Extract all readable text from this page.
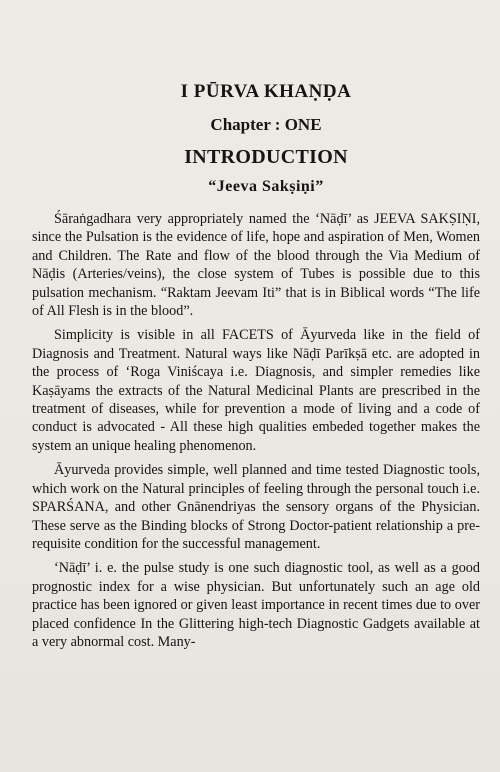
I PŪRVA KHAṆḌA
Chapter : ONE
INTRODUCTION
“Jeeva Sakṣiṇi”

Śāraṅgadhara very appropriately named the ‘Nāḍī’ as JEEVA SAKṢIṆI, since the Pulsation is the evidence of life, hope and aspiration of Men, Women and Children. The Rate and flow of the blood through the Via Medium of Nāḍis (Arteries/veins), the close system of Tubes is possible due to this pulsation mechanism. “Raktam Jeevam Iti” that is in Biblical words “The life of All Flesh is in the blood”.

Simplicity is visible in all FACETS of Āyurveda like in the field of Diagnosis and Treatment. Natural ways like Nāḍī Parīkṣā etc. are adopted in the process of ‘Roga Viniścaya i.e. Diagnosis, and simpler remedies like Kaṣāyams the extracts of the Natural Medicinal Plants are prescribed in the treatment of diseases, while for prevention a mode of living and a code of conduct is advocated - All these high qualities embeded together makes the system an unique healing phenomenon.

Āyurveda provides simple, well planned and time tested Diagnostic tools, which work on the Natural principles of feeling through the personal touch i.e. SPARŚANA, and other Gnānendriyas the sensory organs of the Physician. These serve as the Binding blocks of Strong Doctor-patient relationship a pre-requisite condition for the successful management.

‘Nāḍī’ i. e. the pulse study is one such diagnostic tool, as well as a good prognostic index for a wise physician. But unfortunately such an age old practice has been ignored or given least importance in recent times due to over placed confidence In the Glittering high-tech Diagnostic Gadgets available at a very abnormal cost. Many-
